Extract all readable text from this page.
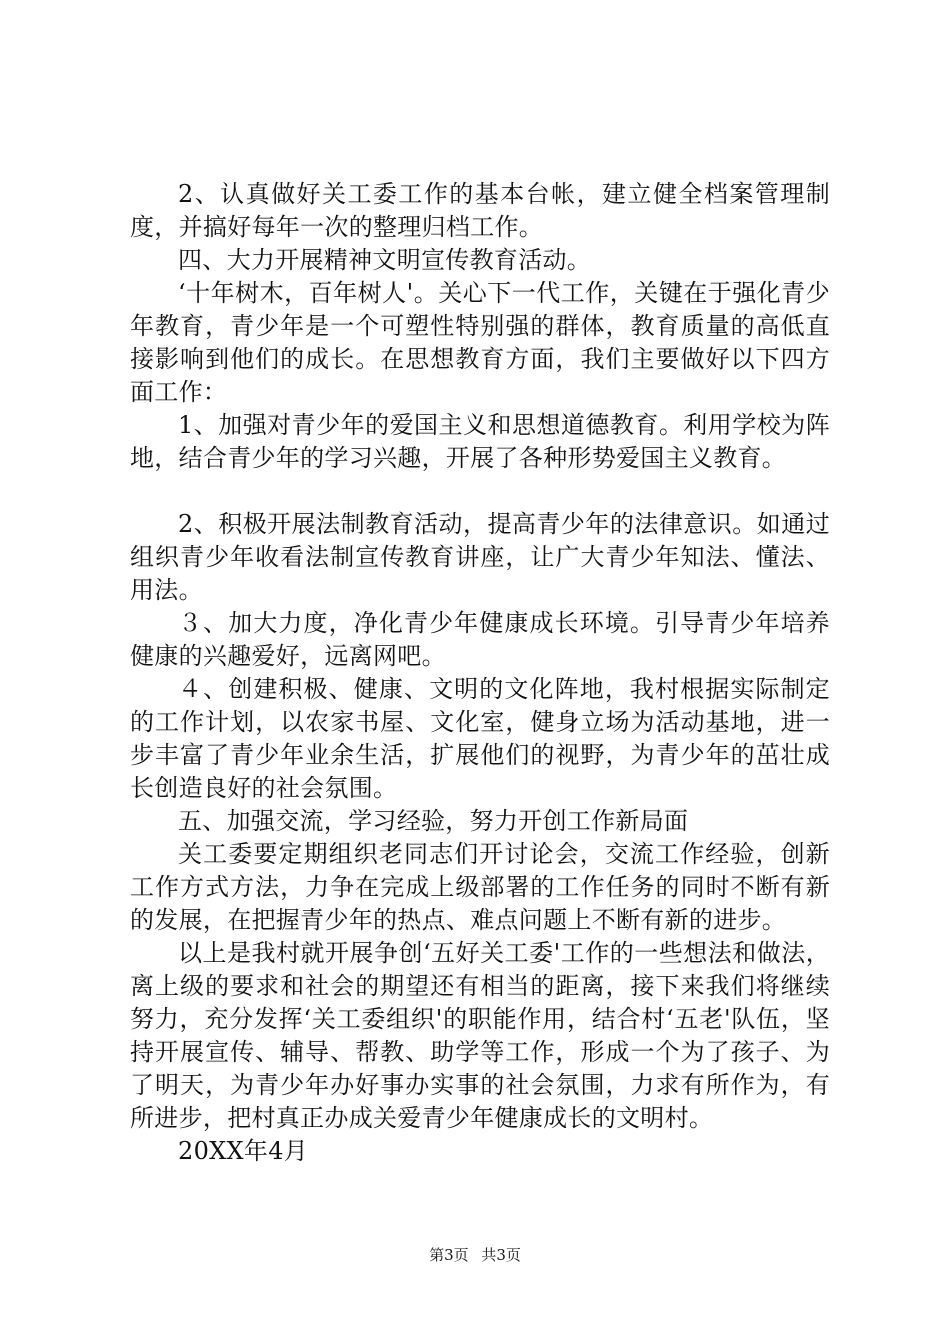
2、认真做好关工委工作的基本台帐，建立健全档案管理制度，并搞好每年一次的整理归档工作。

四、大力开展精神文明宣传教育活动。

‘十年树木，百年树人'。关心下一代工作，关键在于强化青少年教育，青少年是一个可塑性特别强的群体，教育质量的高低直接影响到他们的成长。在思想教育方面，我们主要做好以下四方面工作：

1、加强对青少年的爱国主义和思想道德教育。利用学校为阵地，结合青少年的学习兴趣，开展了各种形势爱国主义教育。

2、积极开展法制教育活动，提高青少年的法律意识。如通过组织青少年收看法制宣传教育讲座，让广大青少年知法、懂法、用法。

３、加大力度，净化青少年健康成长环境。引导青少年培养健康的兴趣爱好，远离网吧。

４、创建积极、健康、文明的文化阵地，我村根据实际制定的工作计划，以农家书屋、文化室，健身立场为活动基地，进一步丰富了青少年业余生活，扩展他们的视野，为青少年的茁壮成长创造良好的社会氛围。

五、加强交流，学习经验，努力开创工作新局面

关工委要定期组织老同志们开讨论会，交流工作经验，创新工作方式方法，力争在完成上级部署的工作任务的同时不断有新的发展，在把握青少年的热点、难点问题上不断有新的进步。

以上是我村就开展争创‘五好关工委'工作的一些想法和做法，离上级的要求和社会的期望还有相当的距离，接下来我们将继续努力，充分发挥‘关工委组织'的职能作用，结合村‘五老'队伍，坚持开展宣传、辅导、帮教、助学等工作，形成一个为了孩子、为了明天，为青少年办好事办实事的社会氛围，力求有所作为，有所进步，把村真正办成关爱青少年健康成长的文明村。

20XX年4月

第3页 共3页
